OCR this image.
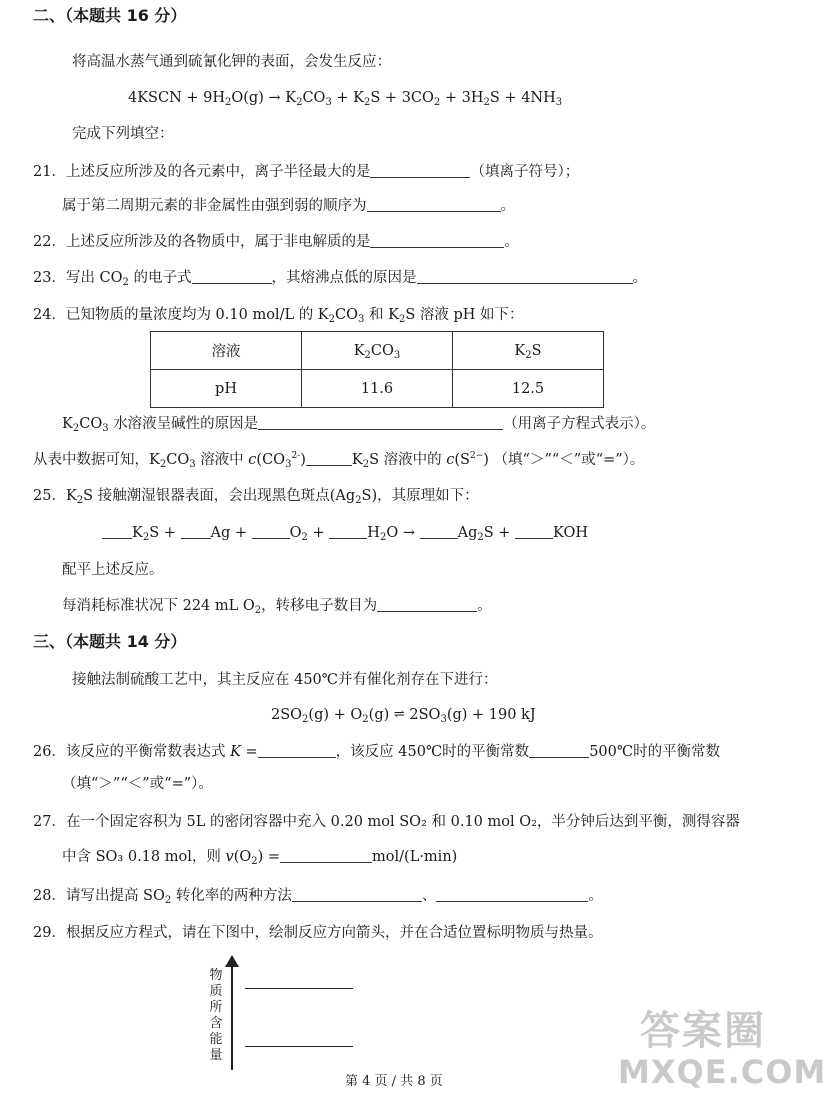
二、（本题共 16 分）
将高温水蒸气通到硫氰化钾的表面，会发生反应：
4KSCN + $9H_2O(g) \to K_2CO_3 + K_2S + 3CO_2 + 3H_2S + 4NH_3$
完成下列填空：
21．上述反应所涉及的各元素中，离子半径最大的是	（填离子符号）；
属于第二周期元素的非金属性由强到弱的顺序为	。
22．上述反应所涉及的各物质中，属于非电解质的是	。
23．写出 $CO_2$ 的电子式	，其熔沸点低的原因是	。
24．已知物质的量浓度均为 0.10 mol/L 的 $K_2CO_3$ 和 $K_2S$ 溶液 pH 如下：
溶液	$K_2CO_3$	$K_2S$
pH	11.6	12.5
$K_2CO_3$ 水溶液呈碱性的原因是	（用离子方程式表示）。
从表中数据可知，$K_2CO_3$ 溶液中 $c(CO_3^{2-})$	$K_2S$ 溶液中的 $c(S^{2-})$ （填“＞”“＜”或“=”）。
25．$K_2S$ 接触潮湿银器表面，会出现黑色斑点$(Ag_2S)$，其原理如下：
$K_2S + Ag$ +	$O_2$ +	$H_2O$ →	$Ag_2S$ +	KOH
配平上述反应。
每消耗标准状况下 224 mL $O_2$，转移电子数目为	。
三、（本题共 14 分）
接触法制硫酸工艺中，其主反应在 450℃并有催化剂存在下进行：
$2SO_2(g) + O_2(g)$ ⇌ $2SO_3(g) + 190$ kJ
26．该反应的平衡常数表达式 K =	，该反应 450℃时的平衡常数	500℃时的平衡常数
（填“＞”“＜”或“=”）。
27．在一个固定容积为 5L 的密闭容器中充入 0.20 mol SO₂ 和 0.10 mol O₂，半分钟后达到平衡，测得容器
中含 SO₃ 0.18 mol，则 $v(O_2)$ =	mol/(L·min)
28．请写出提高 $SO_2$ 转化率的两种方法	、	。
29．根据反应方程式，请在下图中，绘制反应方向箭头，并在合适位置标明物质与热量。
物质所含能量
第 4 页 / 共 8 页
答案圈
MXQE.COM
